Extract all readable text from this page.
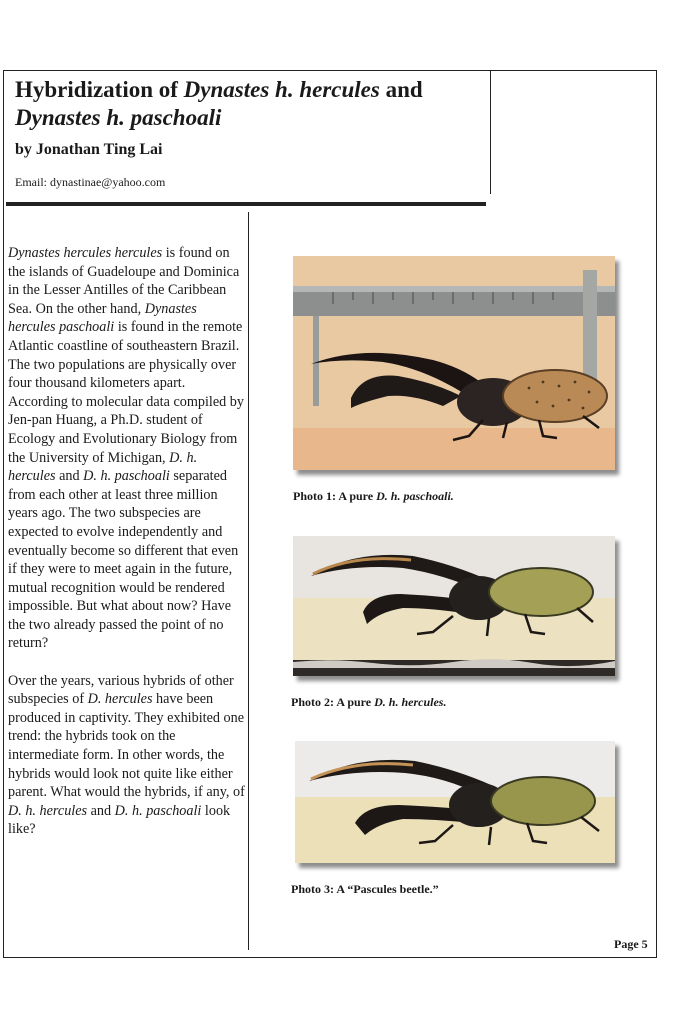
Hybridization of Dynastes h. hercules and Dynastes h. paschoali
by Jonathan Ting Lai
Email: dynastinae@yahoo.com

Dynastes hercules hercules is found on the islands of Guadeloupe and Dominica in the Lesser Antilles of the Caribbean Sea. On the other hand, Dynastes hercules paschoali is found in the remote Atlantic coastline of southeastern Brazil. The two populations are physically over four thousand kilometers apart. According to molecular data compiled by Jen-pan Huang, a Ph.D. student of Ecology and Evolutionary Biology from the University of Michigan, D. h. hercules and D. h. paschoali separated from each other at least three million years ago. The two subspecies are expected to evolve independently and eventually become so different that even if they were to meet again in the future, mutual recognition would be rendered impossible. But what about now? Have the two already passed the point of no return?

Over the years, various hybrids of other subspecies of D. hercules have been produced in captivity. They exhibited one trend: the hybrids took on the intermediate form. In other words, the hybrids would look not quite like either parent. What would the hybrids, if any, of D. h. hercules and D. h. paschoali look like?

Photo 1: A pure D. h. paschoali.
Photo 2: A pure D. h. hercules.
Photo 3: A “Pascules beetle.”
Page 5
